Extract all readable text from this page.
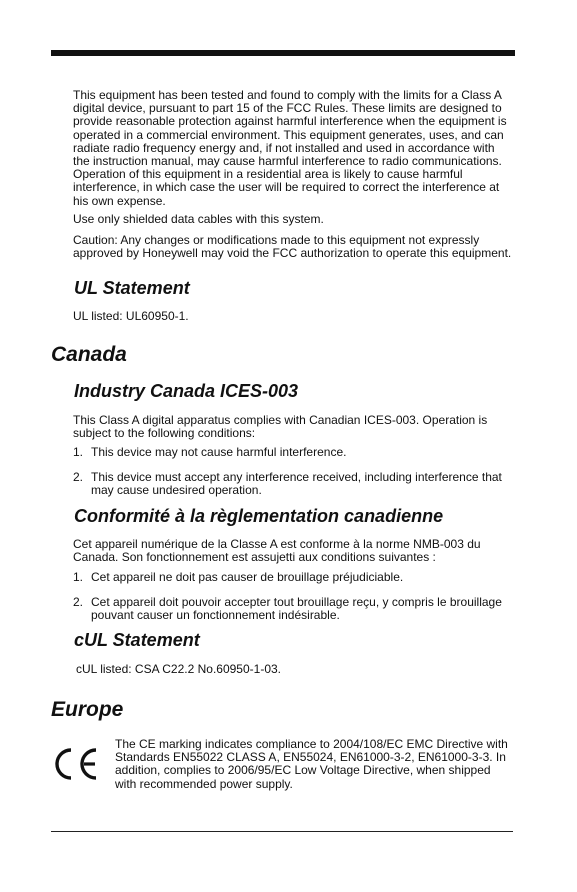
This equipment has been tested and found to comply with the limits for a Class A digital device, pursuant to part 15 of the FCC Rules. These limits are designed to provide reasonable protection against harmful interference when the equipment is operated in a commercial environment. This equipment generates, uses, and can radiate radio frequency energy and, if not installed and used in accordance with the instruction manual, may cause harmful interference to radio communications. Operation of this equipment in a residential area is likely to cause harmful interference, in which case the user will be required to correct the interference at his own expense.

Use only shielded data cables with this system.

Caution: Any changes or modifications made to this equipment not expressly approved by Honeywell may void the FCC authorization to operate this equipment.

UL Statement

UL listed: UL60950-1.

Canada
Industry Canada ICES-003

This Class A digital apparatus complies with Canadian ICES-003. Operation is subject to the following conditions:

1. This device may not cause harmful interference.
2. This device must accept any interference received, including interference that may cause undesired operation.
Conformité à la règlementation canadienne

Cet appareil numérique de la Classe A est conforme à la norme NMB-003 du Canada. Son fonctionnement est assujetti aux conditions suivantes :

1. Cet appareil ne doit pas causer de brouillage préjudiciable.
2. Cet appareil doit pouvoir accepter tout brouillage reçu, y compris le brouillage pouvant causer un fonctionnement indésirable.
cUL Statement

cUL listed: CSA C22.2 No.60950-1-03.

Europe

The CE marking indicates compliance to 2004/108/EC EMC Directive with Standards EN55022 CLASS A, EN55024, EN61000-3-2, EN61000-3-3. In addition, complies to 2006/95/EC Low Voltage Directive, when shipped with recommended power supply.
